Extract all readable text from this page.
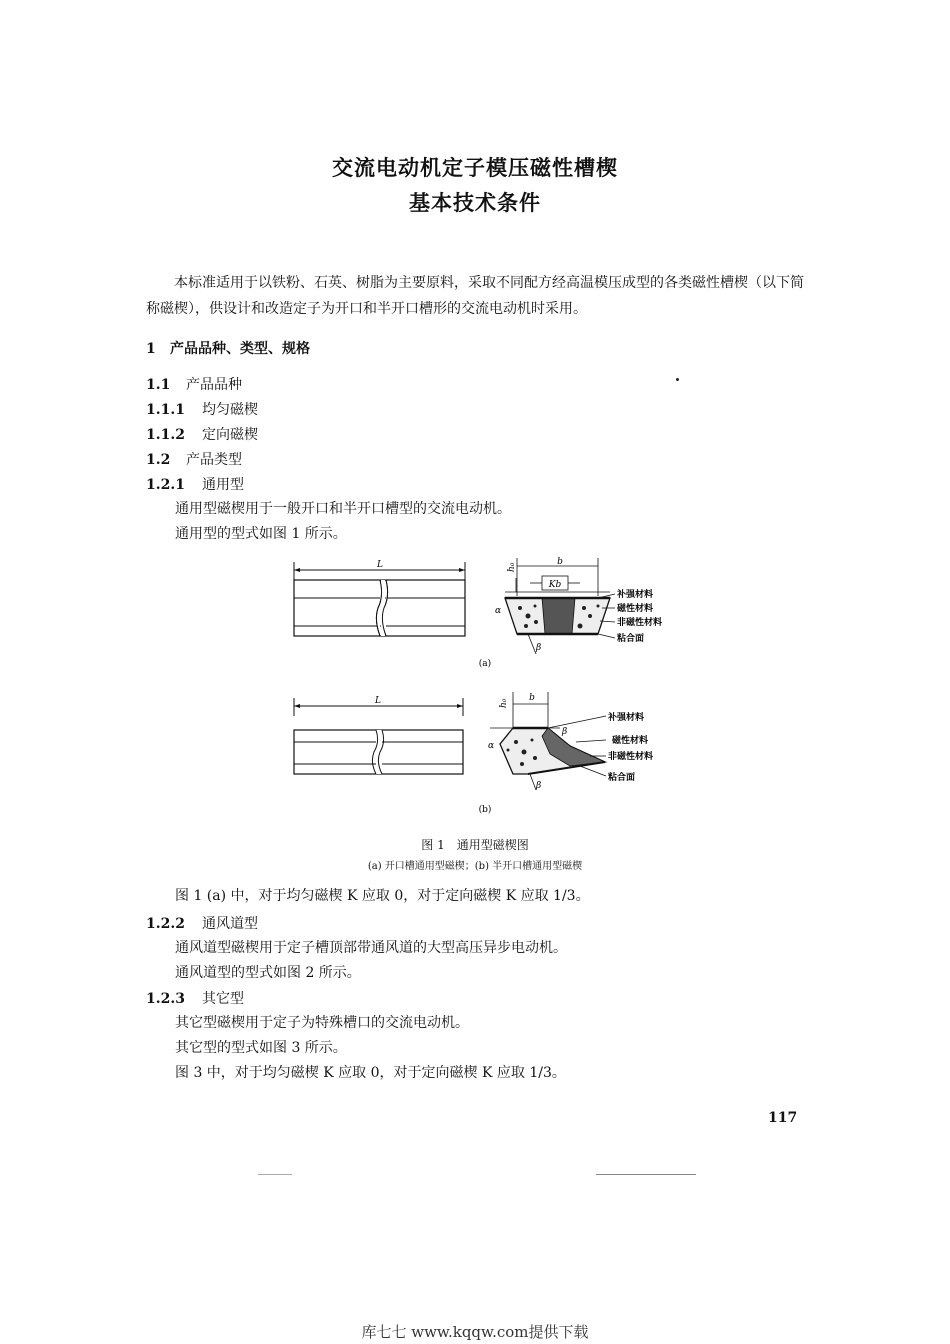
交流电动机定子模压磁性槽楔
基本技术条件
本标准适用于以铁粉、石英、树脂为主要原料，采取不同配方经高温模压成型的各类磁性槽楔（以下简称磁楔），供设计和改造定子为开口和半开口槽形的交流电动机时采用。
1 产品品种、类型、规格
1.1 产品品种
1.1.1 均匀磁楔
1.1.2 定向磁楔
1.2 产品类型
1.2.1 通用型
通用型磁楔用于一般开口和半开口槽型的交流电动机。
通用型的型式如图 1 所示。
L	h₀
b
Kb
α
β
补强材料
磁性材料
非磁性材料
粘合面
(a)
L	h₀
b
α
β
β
补强材料
磁性材料
非磁性材料
粘合面
(b)
图 1　通用型磁楔图
(a) 开口槽通用型磁楔；(b) 半开口槽通用型磁楔
图 1 (a) 中，对于均匀磁楔 K 应取 0，对于定向磁楔 K 应取 1/3。
1.2.2 通风道型
通风道型磁楔用于定子槽顶部带通风道的大型高压异步电动机。
通风道型的型式如图 2 所示。
1.2.3 其它型
其它型磁楔用于定子为特殊槽口的交流电动机。
其它型的型式如图 3 所示。
图 3 中，对于均匀磁楔 K 应取 0，对于定向磁楔 K 应取 1/3。
117
库七七 www.kqqw.com提供下载
